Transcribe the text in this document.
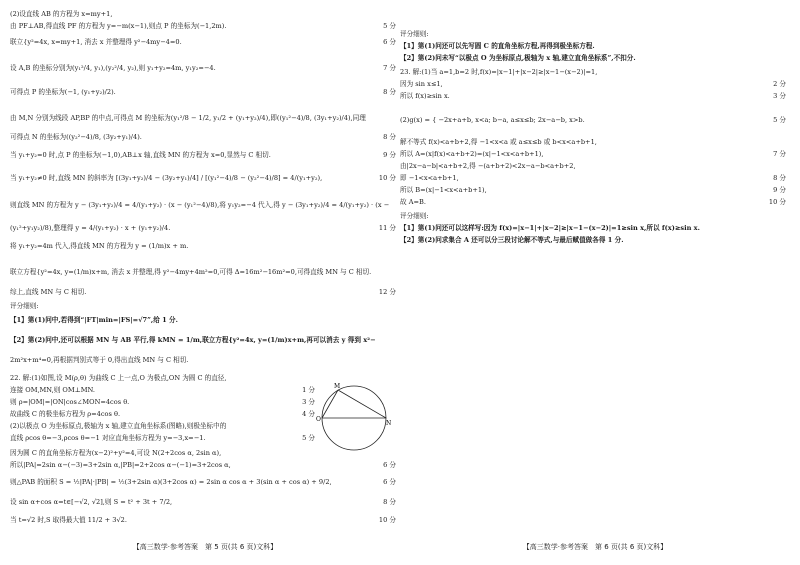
(2)设直线 AB 的方程为 x=my+1,
由 PF⊥AB,得直线 PF 的方程为 y=−m(x−1),则点 P 的坐标为(−1,2m).	5 分
联立{y²=4x, x=my+1, 消去 x 并整理得 y²−4my−4=0.	6 分
设 A,B 的坐标分别为(y₁²/4, y₁),(y₂²/4, y₂),则 y₁+y₂=4m, y₁y₂=−4.	7 分
可得点 P 的坐标为(−1, (y₁+y₂)/2).	8 分
由 M,N 分别为线段 AP,BP 的中点,可得点 M 的坐标为(y₁²/8 − 1/2, y₁/2 + (y₁+y₂)/4),即((y₁²−4)/8, (3y₁+y₂)/4),同理
可得点 N 的坐标为((y₂²−4)/8, (3y₂+y₁)/4).	8 分
当 y₁+y₂=0 时,点 P 的坐标为(−1,0),AB⊥x 轴,直线 MN 的方程为 x=0,显然与 C 相切.	9 分
当 y₁+y₂≠0 时,直线 MN 的斜率为 [(3y₁+y₂)/4 − (3y₂+y₁)/4] / [(y₁²−4)/8 − (y₂²−4)/8] = 4/(y₁+y₂),	10 分
则直线 MN 的方程为 y − (3y₁+y₂)/4 = 4/(y₁+y₂) · (x − (y₁²−4)/8),将 y₁y₂=−4 代入,得 y − (3y₁+y₂)/4 = 4/(y₁+y₂) · (x −
(y₁²+y₁y₂)/8),整理得 y = 4/(y₁+y₂) · x + (y₁+y₂)/4.	11 分
将 y₁+y₂=4m 代入,得直线 MN 的方程为 y = (1/m)x + m.
联立方程{y²=4x, y=(1/m)x+m, 消去 x 并整理,得 y²−4my+4m²=0,可得 Δ=16m²−16m²=0,可得直线 MN 与 C 相切.
综上,直线 MN 与 C 相切.	12 分
评分细则:
【1】第(1)问中,若得到“|FT|min=|FS|=√7”,给 1 分.
【2】第(2)问中,还可以根据 MN 与 AB 平行,得 kMN = 1/m,联立方程{y²=4x, y=(1/m)x+m,再可以消去 y 得到 x²−
2m²x+m⁴=0,再根据判别式等于 0,得出直线 MN 与 C 相切.
22. 解:(1)如图,设 M(ρ,θ) 为曲线 C 上一点,O 为极点,ON 为圆 C 的直径,
连接 OM,MN,则 OM⊥MN.	1 分
则 ρ=|OM|=|ON|cos∠MON=4cos θ.	3 分
故曲线 C 的极坐标方程为 ρ=4cos θ.	4 分
(2)以极点 O 为坐标原点,极轴为 x 轴,建立直角坐标系(图略),则极坐标中的
直线 ρcos θ=−3,ρcos θ=−1 对应直角坐标方程为 y=−3,x=−1.	5 分
因为圆 C 的直角坐标方程为(x−2)²+y²=4,可设 N(2+2cos α, 2sin α),
所以|PA|=2sin α−(−3)=3+2sin α,|PB|=2+2cos α−(−1)=3+2cos α,	6 分
则△PAB 的面积 S = ½|PA|·|PB| = ½(3+2sin α)(3+2cos α) = 2sin α cos α + 3(sin α + cos α) + 9/2,	6 分
设 sin α+cos α=t∈[−√2, √2],则 S = t² + 3t + 7/2,	8 分
当 t=√2 时,S 取得最大值 11/2 + 3√2.	10 分
M
O
N
【高三数学·参考答案　第 5 页(共 6 页)文科】
评分细则:
【1】第(1)问还可以先写圆 C 的直角坐标方程,再得到极坐标方程.
【2】第(2)问未写“以极点 O 为坐标原点,极轴为 x 轴,建立直角坐标系”,不扣分.
23. 解:(1)当 a=1,b=2 时,f(x)=|x−1|+|x−2|≥|x−1−(x−2)|=1,
因为 sin x≤1,	2 分
所以 f(x)≥sin x.	3 分
(2)g(x) = { −2x+a+b, x<a; b−a, a≤x≤b; 2x−a−b, x>b.	5 分
解不等式 f(x)<a+b+2,得 −1<x<a 或 a≤x≤b 或 b<x<a+b+1,
所以 A=(x|f(x)<a+b+2)=(x|−1<x<a+b+1),	7 分
由|2x−a−b|<a+b+2,得 −(a+b+2)<2x−a−b<a+b+2,
即 −1<x<a+b+1,	8 分
所以 B=(x|−1<x<a+b+1),	9 分
故 A=B.	10 分
评分细则:
【1】第(1)问还可以这样写:因为 f(x)=|x−1|+|x−2|≥|x−1−(x−2)|=1≥sin x,所以 f(x)≥sin x.
【2】第(2)问求集合 A 还可以分三段讨论解不等式,与最后赋值做各得 1 分.
【高三数学·参考答案　第 6 页(共 6 页)文科】
